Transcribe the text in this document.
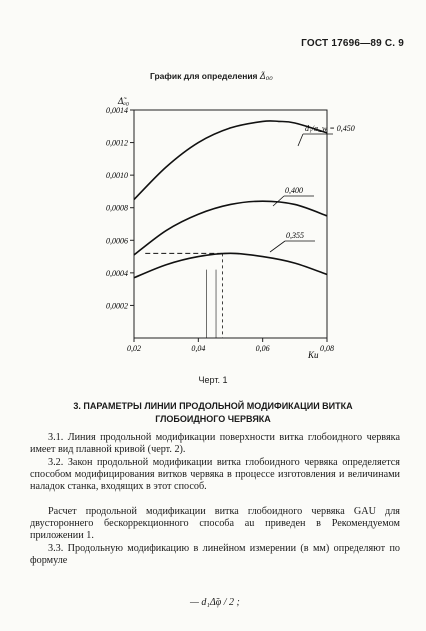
ГОСТ 17696—89 С. 9
График для определения Δ̃₀₀
0,0014
0,0012
0,0010
0,0008
0,0006
0,0004
0,0002
0,02	0,04	0,06	0,08
Δ̃ₐ₀
Kи
d₁/a_w = 0,450
0,400
0,355
Черт. 1
3. ПАРАМЕТРЫ ЛИНИИ ПРОДОЛЬНОЙ МОДИФИКАЦИИ ВИТКА ГЛОБОИДНОГО ЧЕРВЯКА
3.1. Линия продольной модификации поверхности витка глобоидного червяка имеет вид плавной кривой (черт. 2).
3.2. Закон продольной модификации витка глобоидного червяка определяется способом модифицирования витков червяка в процессе изготовления и величинами наладок станка, входящих в этот способ.
Расчет продольной модификации витка глобоидного червяка GAU для двустороннего бескоррекционного способа au приведен в Рекомендуемом приложении 1.
3.3. Продольную модификацию в линейном измерении (в мм) определяют по формуле
— d₁Δ̃φ / 2 ;
